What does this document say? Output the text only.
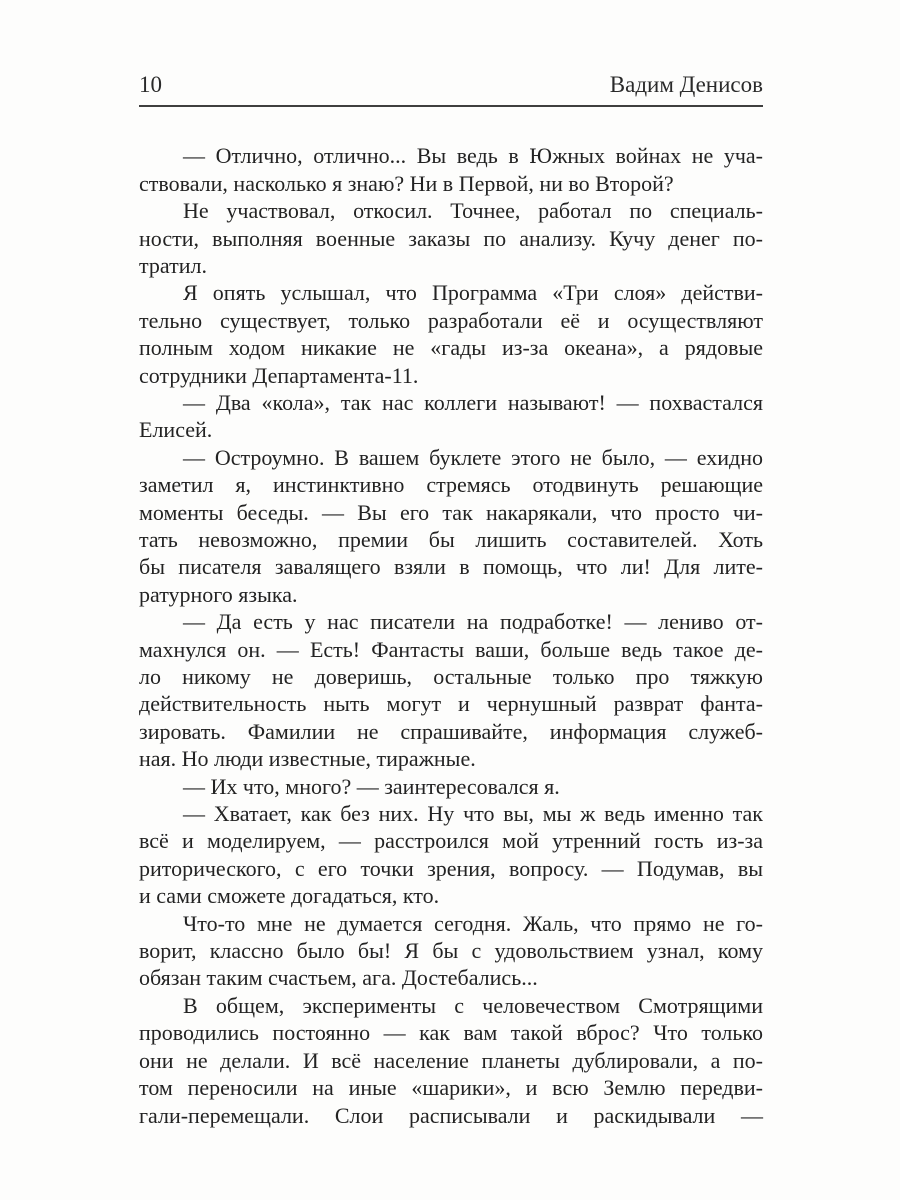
10	Вадим Денисов
— Отлично, отлично... Вы ведь в Южных войнах не уча-
ствовали, насколько я знаю? Ни в Первой, ни во Второй?
Не участвовал, откосил. Точнее, работал по специаль-
ности, выполняя военные заказы по анализу. Кучу денег по-
тратил.
Я опять услышал, что Программа «Три слоя» действи-
тельно существует, только разработали её и осуществляют
полным ходом никакие не «гады из-за океана», а рядовые
сотрудники Департамента-11.
— Два «кола», так нас коллеги называют! — похвастался
Елисей.
— Остроумно. В вашем буклете этого не было, — ехидно
заметил я, инстинктивно стремясь отодвинуть решающие
моменты беседы. — Вы его так накарякали, что просто чи-
тать невозможно, премии бы лишить составителей. Хоть
бы писателя завалящего взяли в помощь, что ли! Для лите-
ратурного языка.
— Да есть у нас писатели на подработке! — лениво от-
махнулся он. — Есть! Фантасты ваши, больше ведь такое де-
ло никому не доверишь, остальные только про тяжкую
действительность ныть могут и чернушный разврат фанта-
зировать. Фамилии не спрашивайте, информация служеб-
ная. Но люди известные, тиражные.
— Их что, много? — заинтересовался я.
— Хватает, как без них. Ну что вы, мы ж ведь именно так
всё и моделируем, — расстроился мой утренний гость из-за
риторического, с его точки зрения, вопросу. — Подумав, вы
и сами сможете догадаться, кто.
Что-то мне не думается сегодня. Жаль, что прямо не го-
ворит, классно было бы! Я бы с удовольствием узнал, кому
обязан таким счастьем, ага. Достебались...
В общем, эксперименты с человечеством Смотрящими
проводились постоянно — как вам такой вброс? Что только
они не делали. И всё население планеты дублировали, а по-
том переносили на иные «шарики», и всю Землю передви-
гали-перемещали. Слои расписывали и раскидывали —
